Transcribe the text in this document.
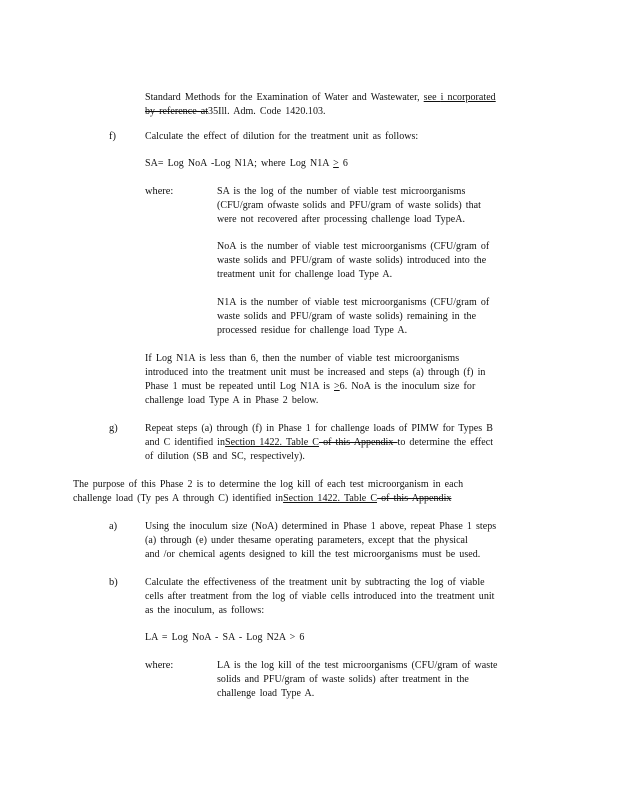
Standard Methods for the Examination of Water and Wastewater, see i ncorporated
by reference at35Ill. Adm. Code 1420.103.
f)	Calculate the effect of dilution for the treatment unit as follows:
SA= Log NoA -Log N1A; where Log N1A ≥ 6
where:	SA is the log of the number of viable test microorganisms
(CFU/gram ofwaste solids and PFU/gram of waste solids) that
were not recovered after processing challenge load TypeA.
NoA is the number of viable test microorganisms (CFU/gram of
waste solids and PFU/gram of waste solids) introduced into the
treatment unit for challenge load Type A.
N1A is the number of viable test microorganisms (CFU/gram of
waste solids and PFU/gram of waste solids) remaining in the
processed residue for challenge load Type A.
If Log N1A is less than 6, then the number of viable test microorganisms
introduced into the treatment unit must be increased and steps (a) through (f) in
Phase 1 must be repeated until Log N1A is ≥6. NoA is the inoculum size for
challenge load Type A in Phase 2 below.
g)	Repeat steps (a) through (f) in Phase 1 for challenge loads of PIMW for Types B
and C identified inSection 1422. Table C of this Appendix to determine the effect
of dilution (SB and SC, respectively).
The purpose of this Phase 2 is to determine the log kill of each test microorganism in each
challenge load (Ty pes A through C) identified inSection 1422. Table C of this Appendix
a)	Using the inoculum size (NoA) determined in Phase 1 above, repeat Phase 1 steps
(a) through (e) under thesame operating parameters, except that the physical
and /or chemical agents designed to kill the test microorganisms must be used.
b)	Calculate the effectiveness of the treatment unit by subtracting the log of viable
cells after treatment from the log of viable cells introduced into the treatment unit
as the inoculum, as follows:
LA = Log NoA - SA - Log N2A > 6
where:	LA is the log kill of the test microorganisms (CFU/gram of waste
solids and PFU/gram of waste solids) after treatment in the
challenge load Type A.
